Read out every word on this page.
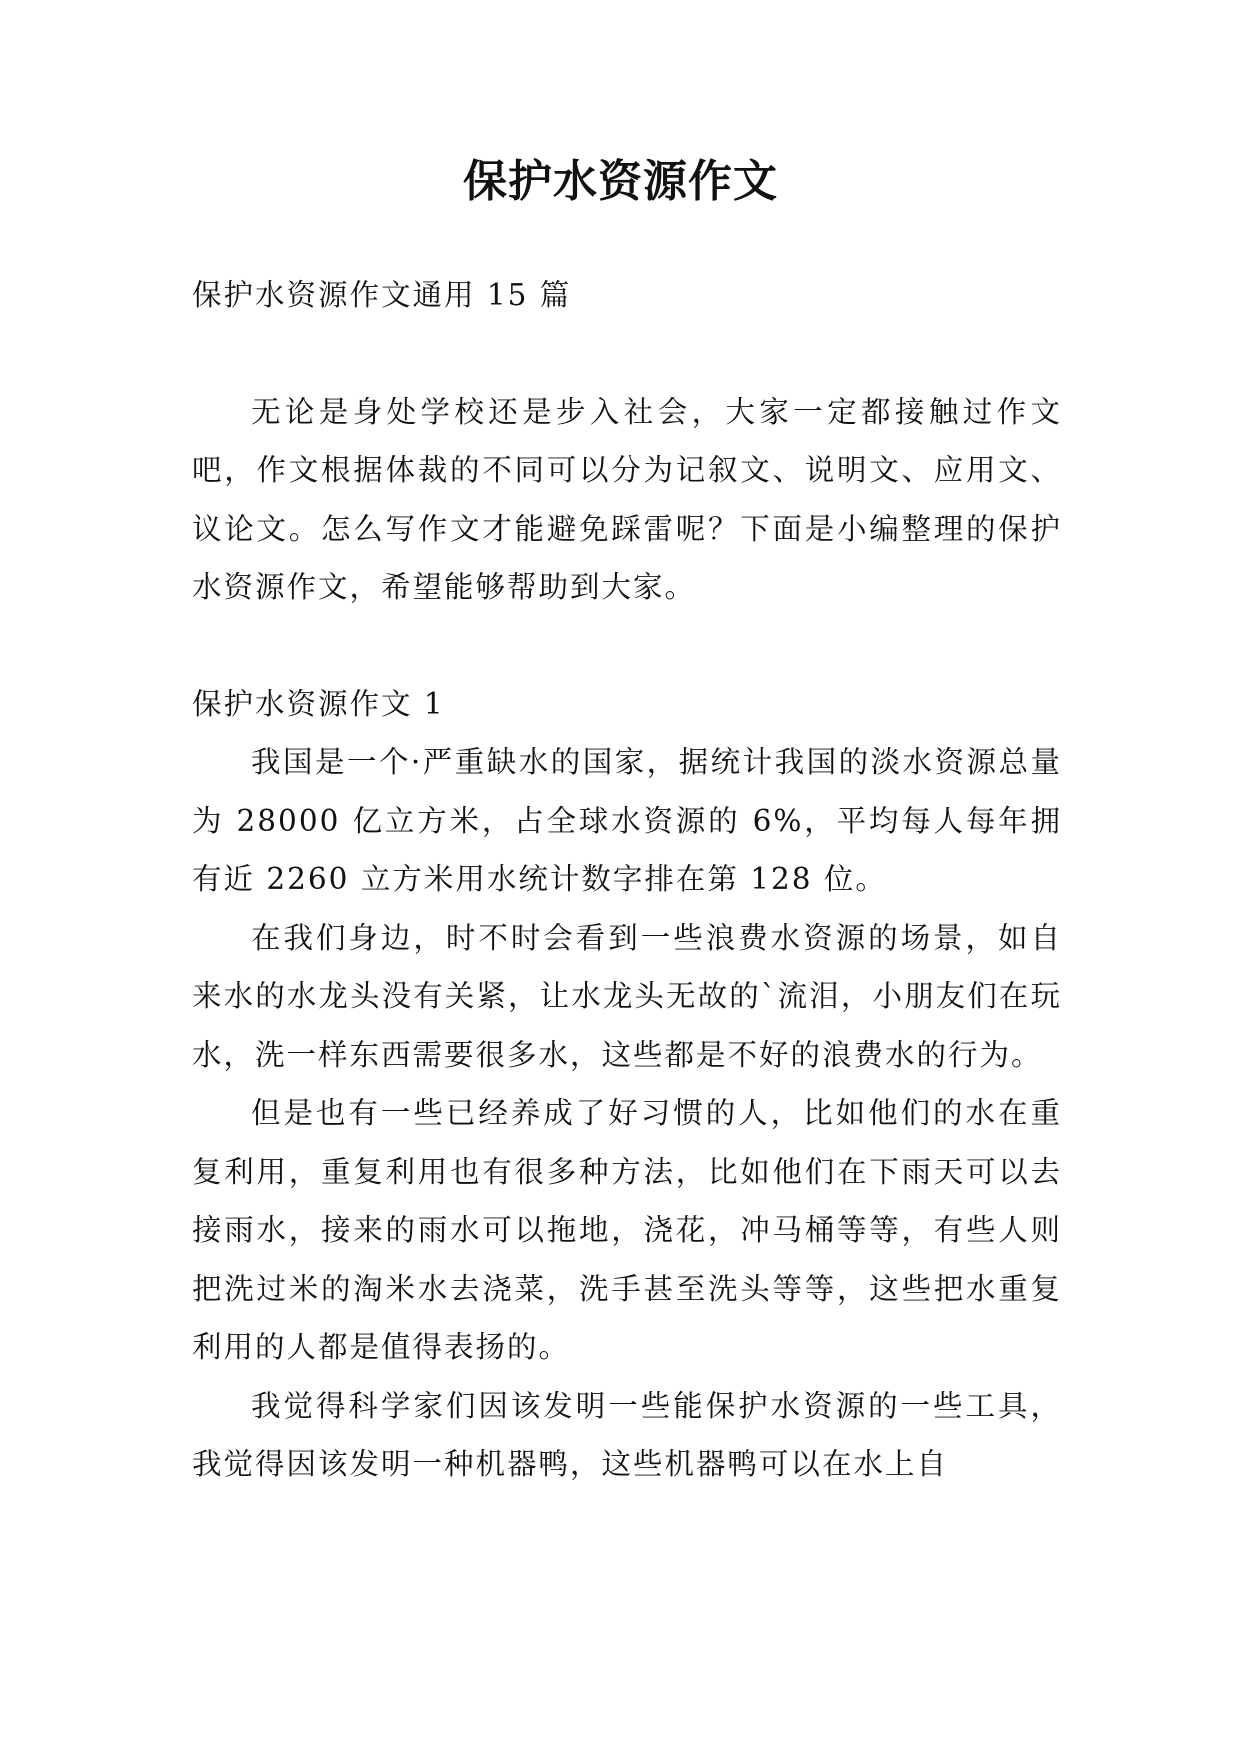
保护水资源作文

保护水资源作文通用 15 篇

无论是身处学校还是步入社会，大家一定都接触过作文吧，作文根据体裁的不同可以分为记叙文、说明文、应用文、议论文。怎么写作文才能避免踩雷呢？下面是小编整理的保护水资源作文，希望能够帮助到大家。

保护水资源作文 1

我国是一个·严重缺水的国家，据统计我国的淡水资源总量为 28000 亿立方米，占全球水资源的 6%，平均每人每年拥有近 2260 立方米用水统计数字排在第 128 位。

在我们身边，时不时会看到一些浪费水资源的场景，如自来水的水龙头没有关紧，让水龙头无故的`流泪，小朋友们在玩水，洗一样东西需要很多水，这些都是不好的浪费水的行为。

但是也有一些已经养成了好习惯的人，比如他们的水在重复利用，重复利用也有很多种方法，比如他们在下雨天可以去接雨水，接来的雨水可以拖地，浇花，冲马桶等等，有些人则把洗过米的淘米水去浇菜，洗手甚至洗头等等，这些把水重复利用的人都是值得表扬的。

我觉得科学家们因该发明一些能保护水资源的一些工具，我觉得因该发明一种机器鸭，这些机器鸭可以在水上自
